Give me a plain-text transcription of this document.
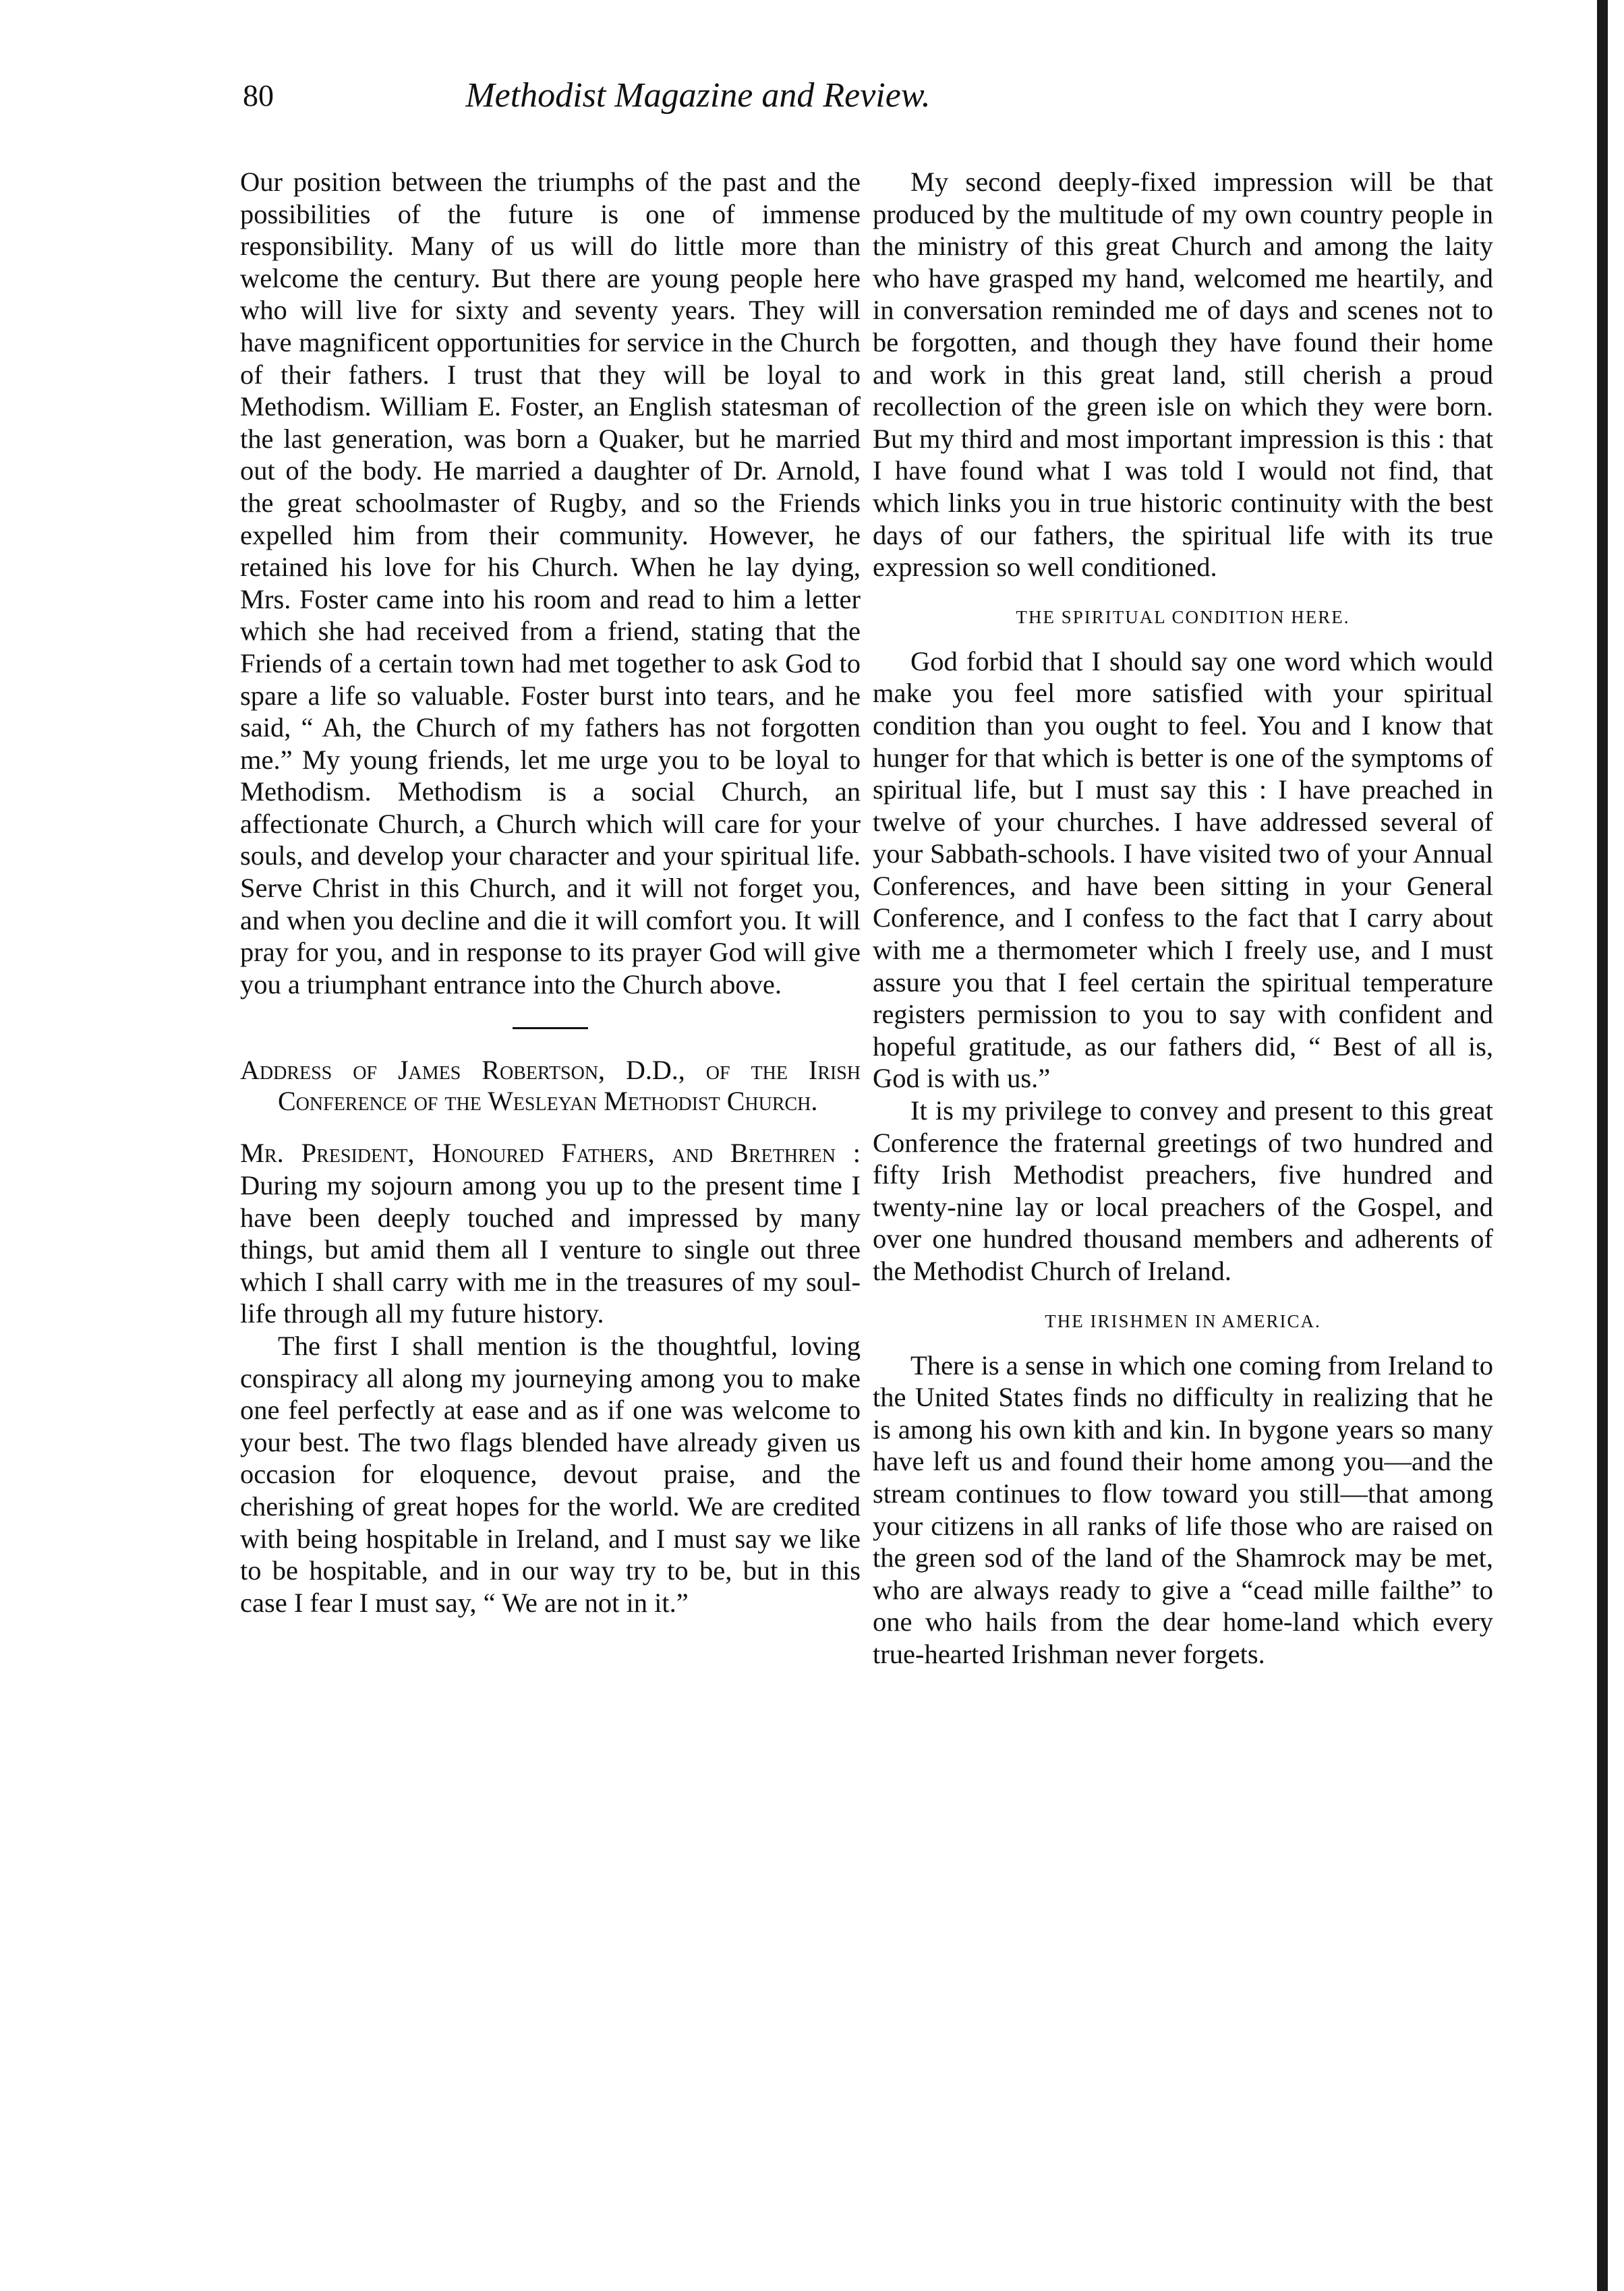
80	Methodist Magazine and Review.

Our position between the triumphs of the past and the possibilities of the future is one of immense responsibility. Many of us will do little more than welcome the century. But there are young people here who will live for sixty and seventy years. They will have magnificent opportunities for service in the Church of their fathers. I trust that they will be loyal to Methodism. William E. Foster, an English statesman of the last generation, was born a Quaker, but he married out of the body. He married a daughter of Dr. Arnold, the great schoolmaster of Rugby, and so the Friends expelled him from their community. However, he retained his love for his Church. When he lay dying, Mrs. Foster came into his room and read to him a letter which she had received from a friend, stating that the Friends of a certain town had met together to ask God to spare a life so valuable. Foster burst into tears, and he said, “ Ah, the Church of my fathers has not forgotten me.” My young friends, let me urge you to be loyal to Methodism. Methodism is a social Church, an affectionate Church, a Church which will care for your souls, and develop your character and your spiritual life. Serve Christ in this Church, and it will not forget you, and when you decline and die it will comfort you. It will pray for you, and in response to its prayer God will give you a triumphant entrance into the Church above.

Address of James Robertson, D.D., of the Irish Conference of the Wesleyan Methodist Church.

Mr. President, Honoured Fathers, and Brethren : During my sojourn among you up to the present time I have been deeply touched and impressed by many things, but amid them all I venture to single out three which I shall carry with me in the treasures of my soul-life through all my future history.

The first I shall mention is the thoughtful, loving conspiracy all along my journeying among you to make one feel perfectly at ease and as if one was welcome to your best. The two flags blended have already given us occasion for eloquence, devout praise, and the cherishing of great hopes for the world. We are credited with being hospitable in Ireland, and I must say we like to be hospitable, and in our way try to be, but in this case I fear I must say, “ We are not in it.”

My second deeply-fixed impression will be that produced by the multitude of my own country people in the ministry of this great Church and among the laity who have grasped my hand, welcomed me heartily, and in conversation reminded me of days and scenes not to be forgotten, and though they have found their home and work in this great land, still cherish a proud recollection of the green isle on which they were born. But my third and most important impression is this : that I have found what I was told I would not find, that which links you in true historic continuity with the best days of our fathers, the spiritual life with its true expression so well conditioned.

THE SPIRITUAL CONDITION HERE.

God forbid that I should say one word which would make you feel more satisfied with your spiritual condition than you ought to feel. You and I know that hunger for that which is better is one of the symptoms of spiritual life, but I must say this : I have preached in twelve of your churches. I have addressed several of your Sabbath-schools. I have visited two of your Annual Conferences, and have been sitting in your General Conference, and I confess to the fact that I carry about with me a thermometer which I freely use, and I must assure you that I feel certain the spiritual temperature registers permission to you to say with confident and hopeful gratitude, as our fathers did, “ Best of all is, God is with us.”

It is my privilege to convey and present to this great Conference the fraternal greetings of two hundred and fifty Irish Methodist preachers, five hundred and twenty-nine lay or local preachers of the Gospel, and over one hundred thousand members and adherents of the Methodist Church of Ireland.

THE IRISHMEN IN AMERICA.

There is a sense in which one coming from Ireland to the United States finds no difficulty in realizing that he is among his own kith and kin. In bygone years so many have left us and found their home among you—and the stream continues to flow toward you still—that among your citizens in all ranks of life those who are raised on the green sod of the land of the Shamrock may be met, who are always ready to give a “cead mille failthe” to one who hails from the dear home-land which every true-hearted Irishman never forgets.
